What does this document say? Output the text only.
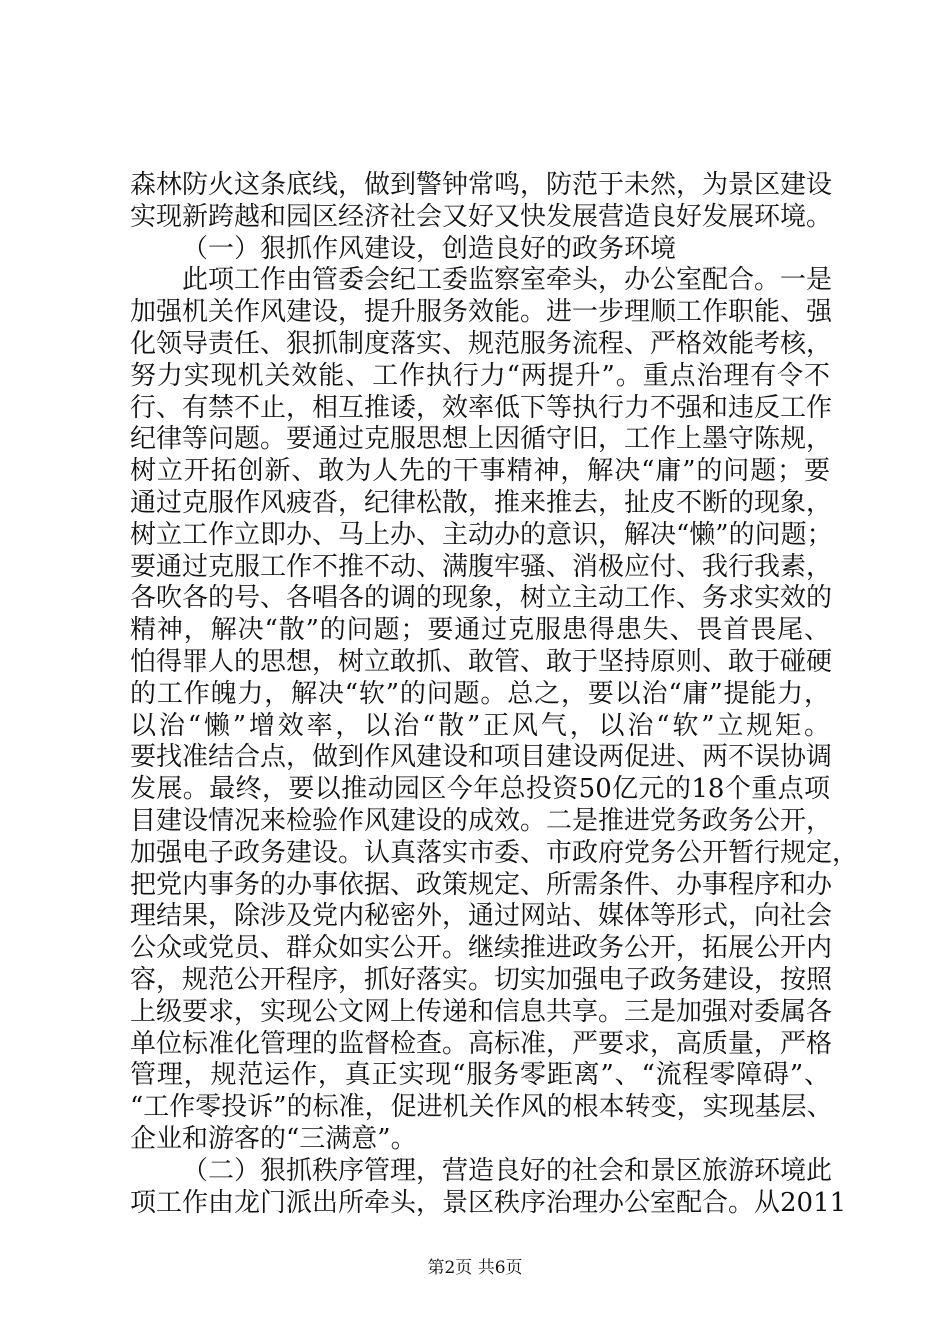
森林防火这条底线，做到警钟常鸣，防范于未然，为景区建设
实现新跨越和园区经济社会又好又快发展营造良好发展环境。
（一）狠抓作风建设，创造良好的政务环境
此项工作由管委会纪工委监察室牵头，办公室配合。一是
加强机关作风建设，提升服务效能。进一步理顺工作职能、强
化领导责任、狠抓制度落实、规范服务流程、严格效能考核，
努力实现机关效能、工作执行力“两提升”。重点治理有令不
行、有禁不止，相互推诿，效率低下等执行力不强和违反工作
纪律等问题。要通过克服思想上因循守旧，工作上墨守陈规，
树立开拓创新、敢为人先的干事精神，解决“庸”的问题；要
通过克服作风疲沓，纪律松散，推来推去，扯皮不断的现象，
树立工作立即办、马上办、主动办的意识，解决“懒”的问题；
要通过克服工作不推不动、满腹牢骚、消极应付、我行我素，
各吹各的号、各唱各的调的现象，树立主动工作、务求实效的
精神，解决“散”的问题；要通过克服患得患失、畏首畏尾、
怕得罪人的思想，树立敢抓、敢管、敢于坚持原则、敢于碰硬
的工作魄力，解决“软”的问题。总之，要以治“庸”提能力，
以治“懒”增效率，以治“散”正风气，以治“软”立规矩。
要找准结合点，做到作风建设和项目建设两促进、两不误协调
发展。最终，要以推动园区今年总投资50亿元的18个重点项
目建设情况来检验作风建设的成效。二是推进党务政务公开，
加强电子政务建设。认真落实市委、市政府党务公开暂行规定，
把党内事务的办事依据、政策规定、所需条件、办事程序和办
理结果，除涉及党内秘密外，通过网站、媒体等形式，向社会
公众或党员、群众如实公开。继续推进政务公开，拓展公开内
容，规范公开程序，抓好落实。切实加强电子政务建设，按照
上级要求，实现公文网上传递和信息共享。三是加强对委属各
单位标准化管理的监督检查。高标准，严要求，高质量，严格
管理，规范运作，真正实现“服务零距离”、“流程零障碍”、
“工作零投诉”的标准，促进机关作风的根本转变，实现基层、
企业和游客的“三满意”。
（二）狠抓秩序管理，营造良好的社会和景区旅游环境此
项工作由龙门派出所牵头，景区秩序治理办公室配合。从2011
第2页 共6页
